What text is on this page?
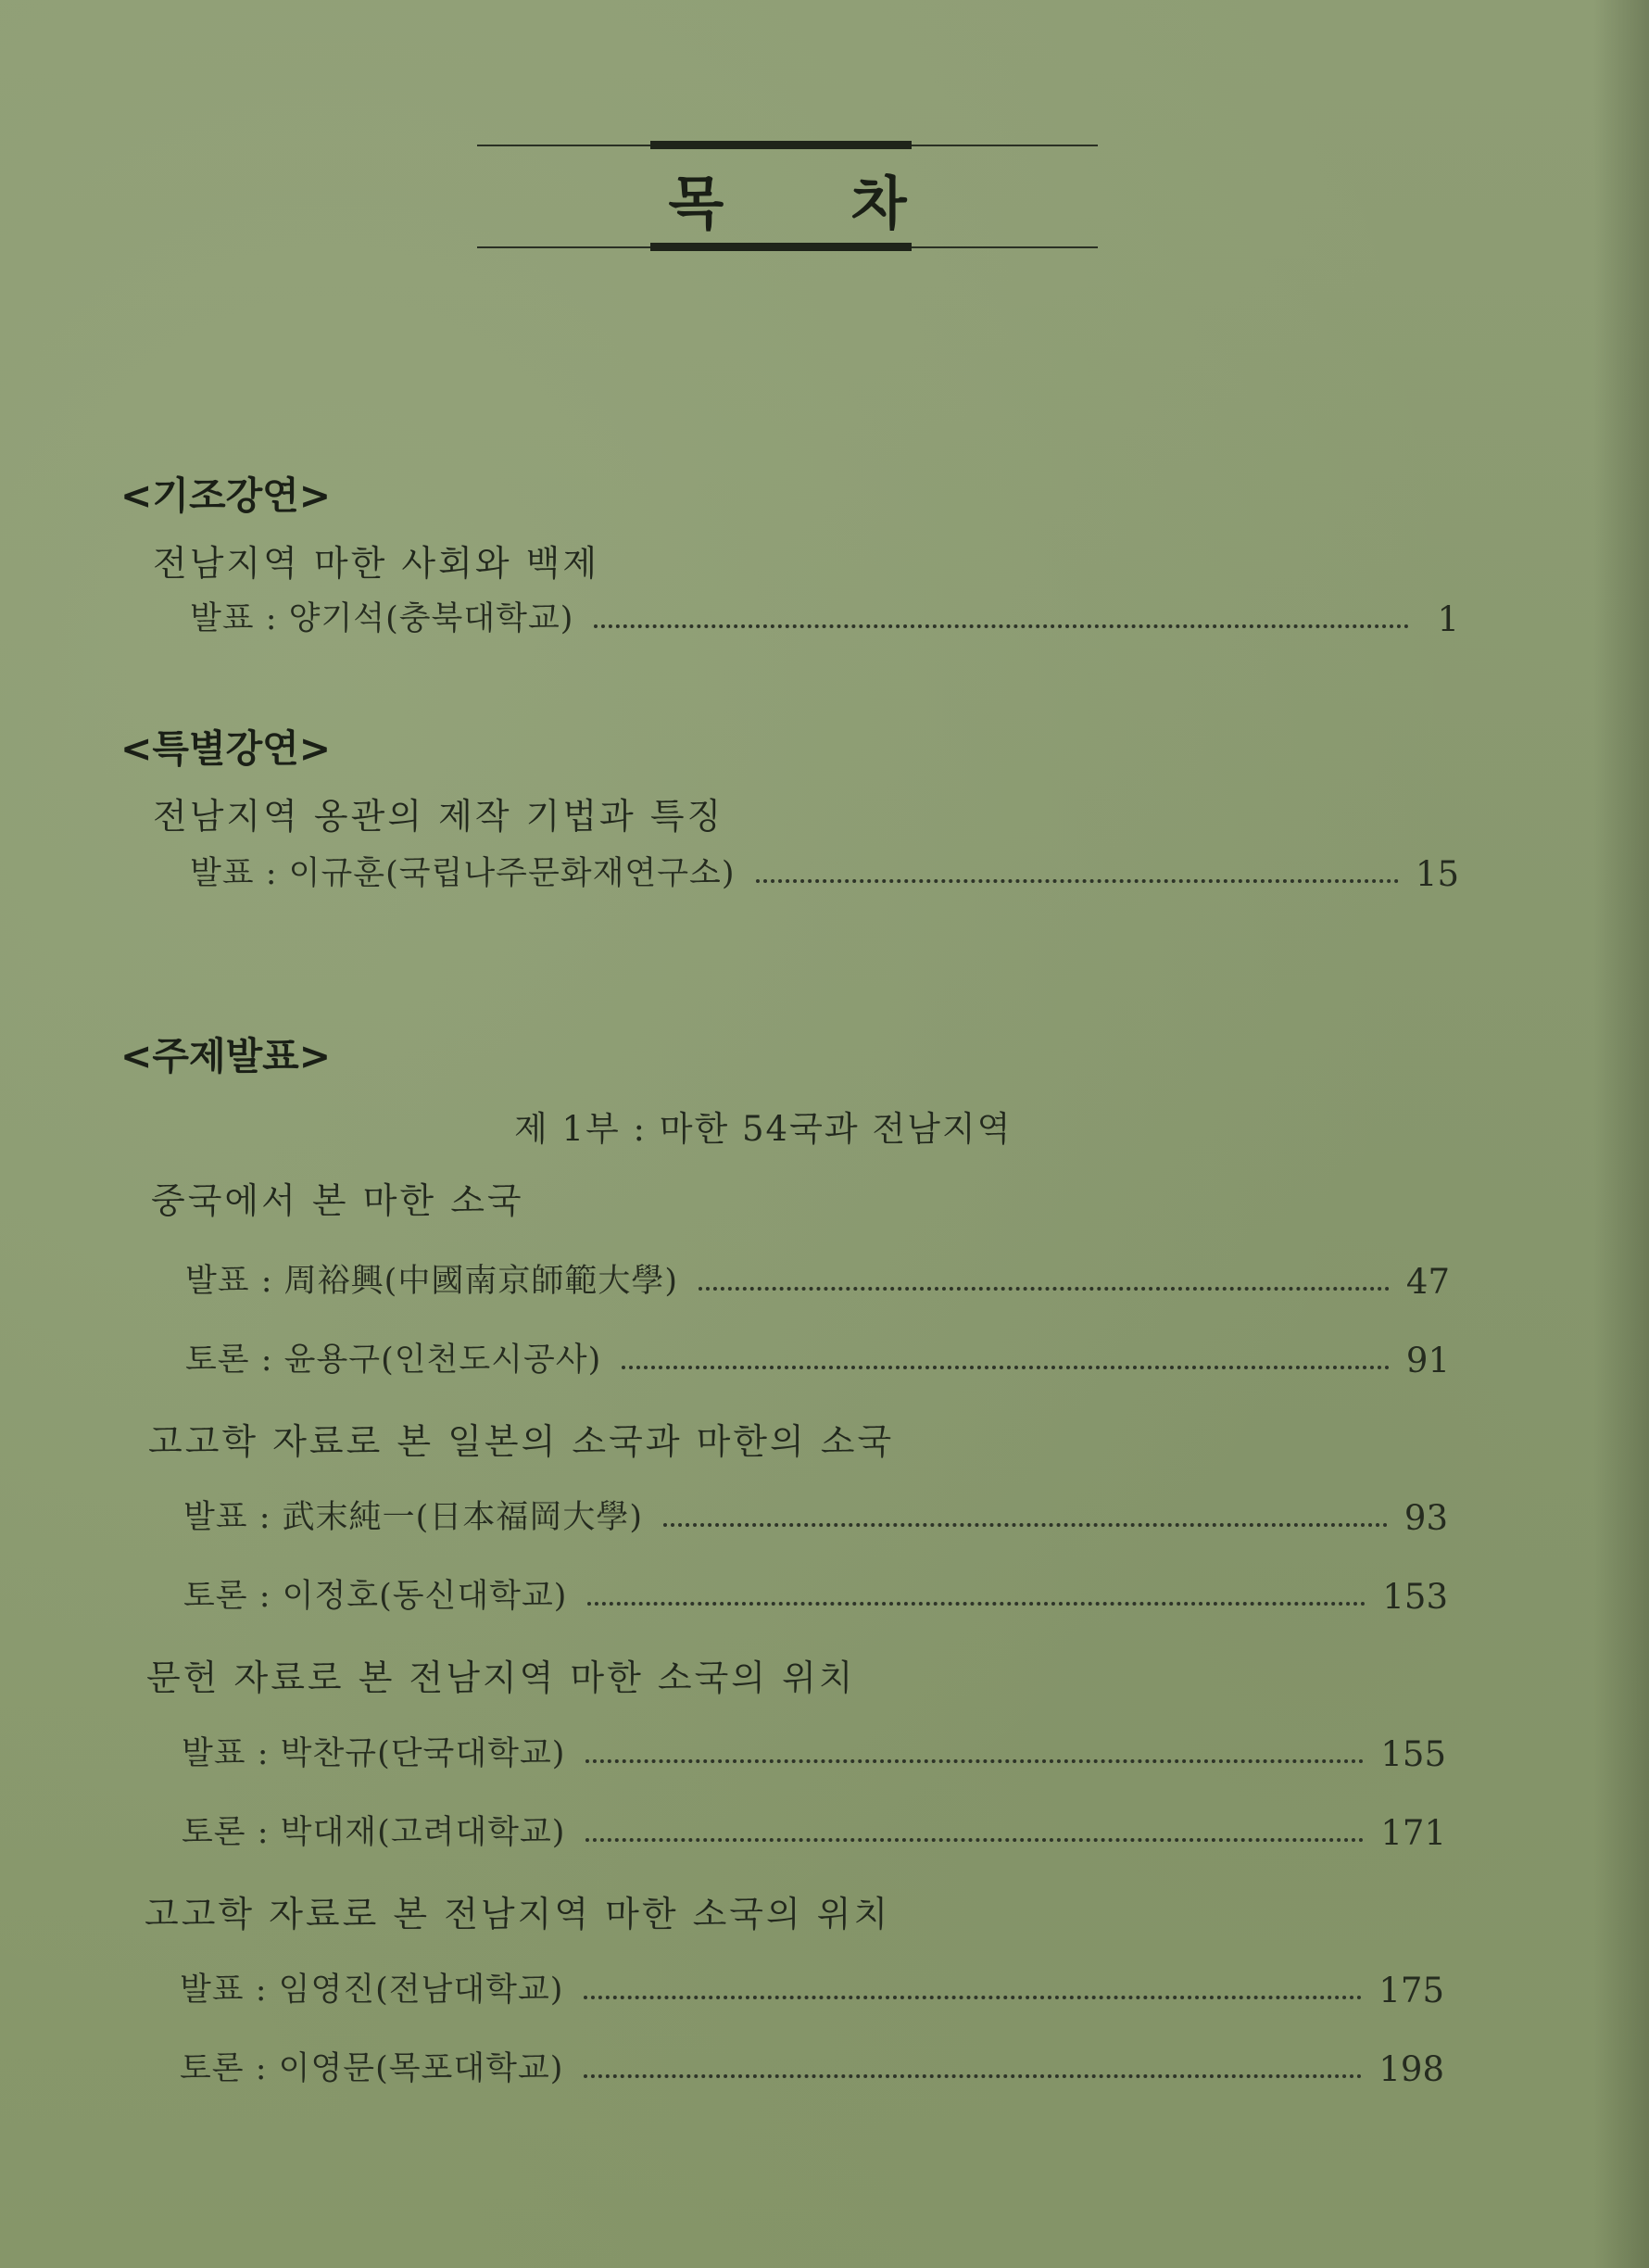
목 차
<기조강연>
전남지역 마한 사회와 백제
발표 : 양기석(충북대학교)	1
<특별강연>
전남지역 옹관의 제작 기법과 특징
발표 : 이규훈(국립나주문화재연구소)	15
<주제발표>
제 1부 : 마한 54국과 전남지역
중국에서 본 마한 소국
발표 : 周裕興(中國南京師範大學)	47
토론 : 윤용구(인천도시공사)	91
고고학 자료로 본 일본의 소국과 마한의 소국
발표 : 武末純一(日本福岡大學)	93
토론 : 이정호(동신대학교)	153
문헌 자료로 본 전남지역 마한 소국의 위치
발표 : 박찬규(단국대학교)	155
토론 : 박대재(고려대학교)	171
고고학 자료로 본 전남지역 마한 소국의 위치
발표 : 임영진(전남대학교)	175
토론 : 이영문(목포대학교)	198
